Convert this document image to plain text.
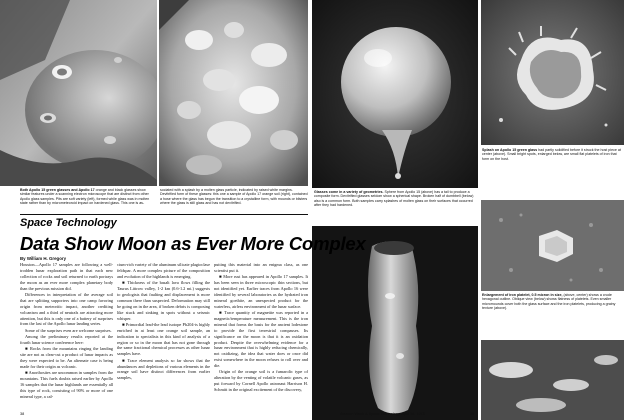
Both Apollo 15 green glasses and Apollo 17 orange and black glasses show similar features under a scanning electron microscope that are distinct from other Apollo glass samples. Pits are soft variety (left), formed while glass was in molten state rather than by micrometeoroid impact on hardened glass. This one is as-
sociated with a splash by a molten glass particle, indicated by raised white margins. Devitrified form of these glasses: this one a sample of Apollo 17 orange soil (right), contained a hose where the glass has begun the transition to a crystalline form, with mounds or blisters where the glass is still glass and has not devitrified.
Glasses come in a variety of geometries. Sphere from Apollo 15 (above) has a tail to produce a composite form. Devitrified glasses seldom show a spherical shape. Broken half of dumbbell (below) also is a common form. Both samples carry splashes of molten glass on their surfaces that occurred after they had hardened.
Splash on Apollo 15 green glass had partly solidified before it struck the host piece at center (above). Small bright spots, enlarged below, are small flat platelets of iron that form on the host.
Enlargement of iron platelet, 0.5 micron in size, (above, center) shows a crude hexagonal outline. Oblique view (below) shows flatness of platelets. Even smaller micromounds cover both the glass surface and the iron platelets, producing a grainy texture (above).
Space Technology
Data Show Moon as Ever More Complex
By William H. Gregory

Houston—Apollo 17 samples are following a well-trodden lunar exploration path in that each new collection of rocks and soil returned to earth portrays the moon as an ever more complex planetary body than the previous mission did.

Differences in interpretation of the average soil that are splitting supporters into one camp favoring origin from meteoritic impact, another crediting volcanism and a third of neutrals are attracting more attention, but this is only one of a battery of surprises from the last of the Apollo lunar landing series.

Some of the surprises even are welcome surprises.

Among the preliminary results reported at the fourth lunar science conference here:

■ Rocks from the mountains ringing the landing site are not as clear-cut a product of lunar impacts as they were expected to be. An alternate case is being made for their origin as volcanic.

■ Anorthosites are uncommon in samples from the mountains. This fuels doubts raised earlier by Apollo 16 samples that the lunar highlands are essentially all this type of rock, consisting of 90% or more of one mineral type, a cal-

cium-rich variety of the aluminum silicate plagioclase feldspar. A more complex picture of the composition and evolution of the highlands is emerging.

■ Thickness of the basalt lava flows filling the Taurus Littrow valley, 1-2 km (0.6-1.2 mi.) suggests to geologists that faulting and displacement is more common there than suspected. Deformation may still be going on in the area, if broken debris is composing like stuck and sinking in spots without a seismic whisper.

■ Primordial lead-the lead isotope Pb204-is highly enriched in at least one orange soil sample, an indication to specialists in this kind of analysis of a region or so in the moon that has not gone through the same fractional chemical processes as other lunar samples have.

■ Trace element analysis so far shows that the abundances and depletions of various elements in the orange soil have distinct differences from earlier samples,

putting this material into an enigma class, as one scientist put it.

■ More rust has appeared in Apollo 17 samples. It has been seen in three microscopic thin sections, but not identified yet. Earlier traces from Apollo 16 were identified by several laboratories as the hydrated iron mineral goethite, an unexpected product for the waterless, airless environment of the lunar surface.

■ Trace quantity of magnetite was reported in a magnetic/temperature measurement. This is the iron mineral that forms the basis for the ancient lodestone to provide the first terrestrial compasses. Its significance on the moon is that it is an oxidation product. Despite the overwhelming evidence for a lunar environment that is highly reducing chemically, not oxidizing, the idea that water does or once did exist somewhere in the moon refuses to roll over and die.

Origin of the orange soil is a fumarolic type of alteration by the venting of volatile volcanic gases, as put forward by Cornell Apollo astronaut Harrison H. Schmitt in the original excitement of the discovery,

38	Aviation Week & Space Technology, April 16, 1973	39
